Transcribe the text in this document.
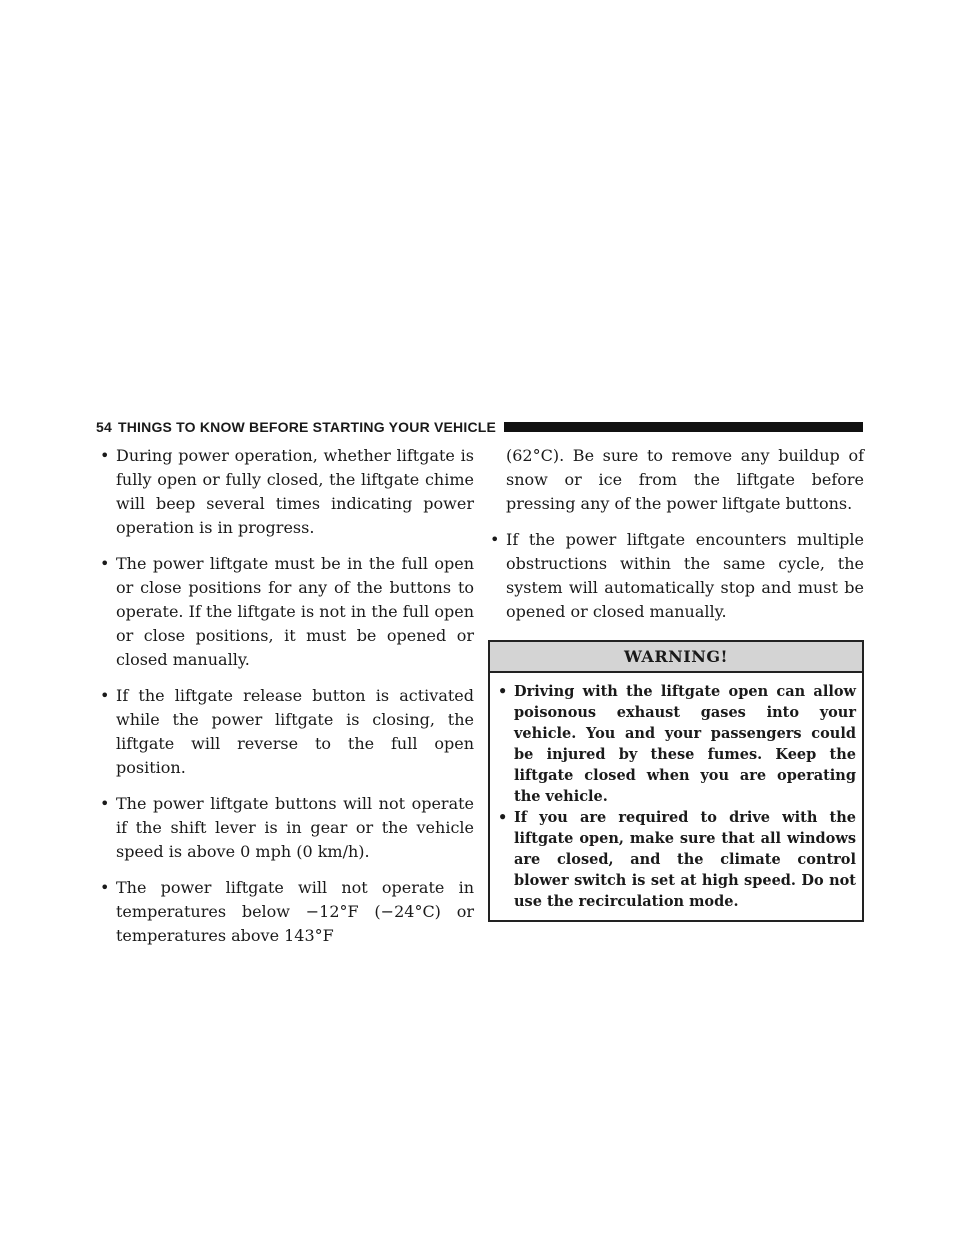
54 THINGS TO KNOW BEFORE STARTING YOUR VEHICLE
• During power operation, whether liftgate is fully open or fully closed, the liftgate chime will beep several times indicating power operation is in progress.
• The power liftgate must be in the full open or close positions for any of the buttons to operate. If the liftgate is not in the full open or close positions, it must be opened or closed manually.
• If the liftgate release button is activated while the power liftgate is closing, the liftgate will reverse to the full open position.
• The power liftgate buttons will not operate if the shift lever is in gear or the vehicle speed is above 0 mph (0 km/h).
• The power liftgate will not operate in temperatures below −12°F (−24°C) or temperatures above 143°F

(62°C). Be sure to remove any buildup of snow or ice from the liftgate before pressing any of the power liftgate buttons.

• If the power liftgate encounters multiple obstructions within the same cycle, the system will automatically stop and must be opened or closed manually.
WARNING!
• Driving with the liftgate open can allow poisonous exhaust gases into your vehicle. You and your passengers could be injured by these fumes. Keep the liftgate closed when you are operating the vehicle.
• If you are required to drive with the liftgate open, make sure that all windows are closed, and the climate control blower switch is set at high speed. Do not use the recirculation mode.
